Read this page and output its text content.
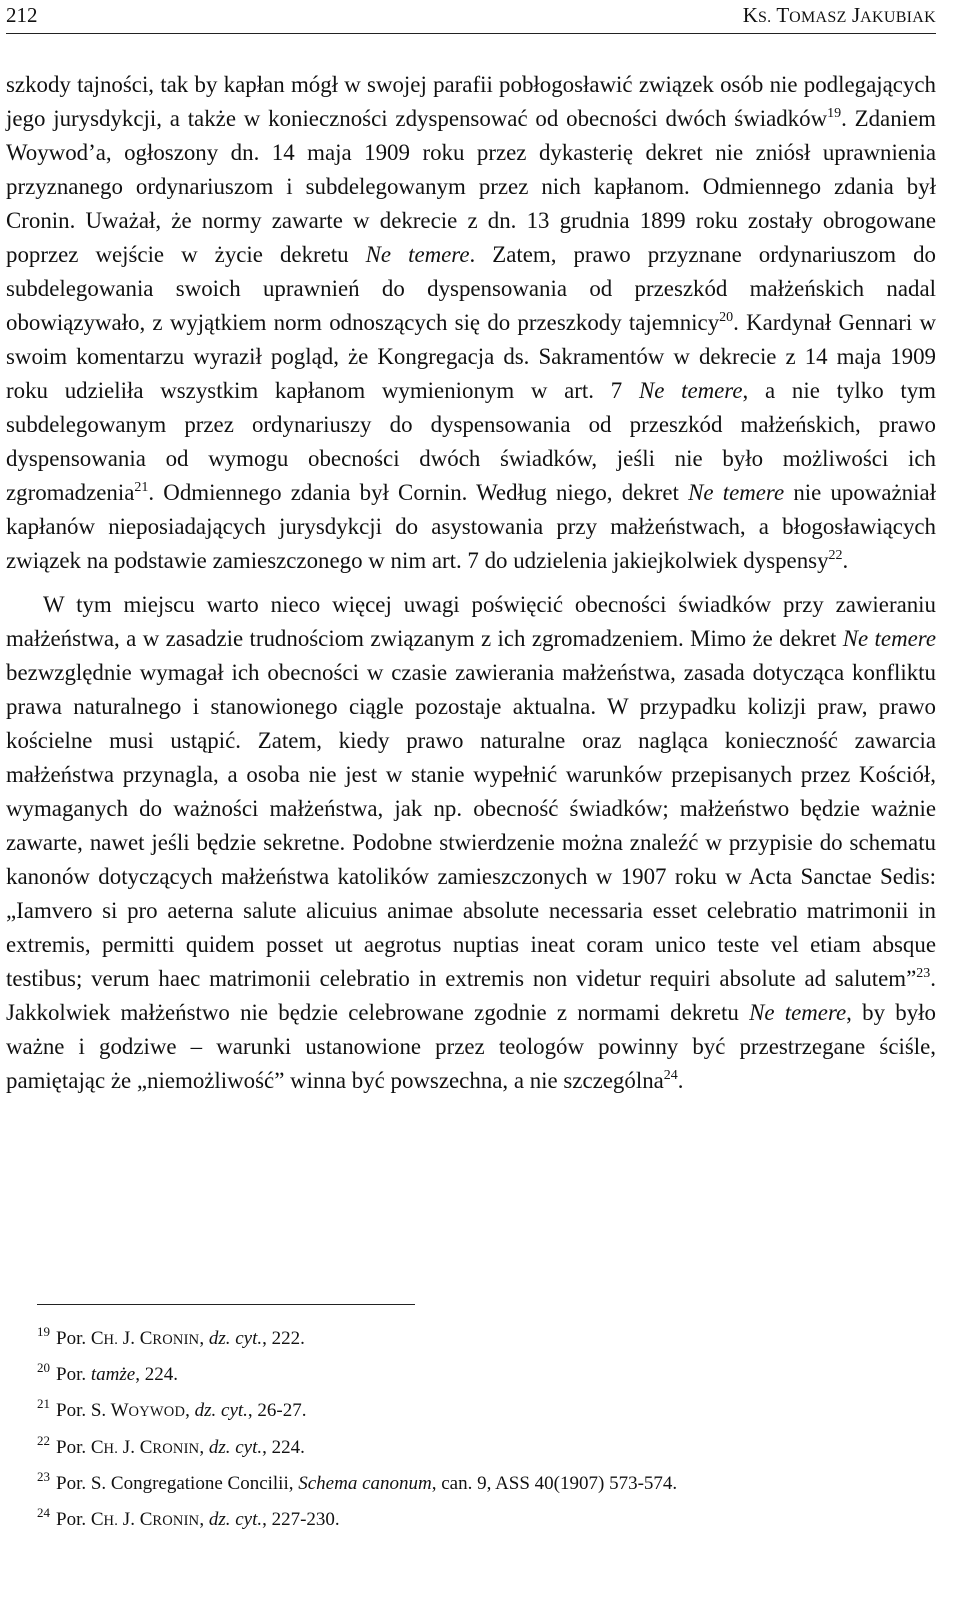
212	KS. TOMASZ JAKUBIAK

szkody tajności, tak by kapłan mógł w swojej parafii pobłogosławić związek osób nie podlegających jego jurysdykcji, a także w konieczności zdyspensować od obecności dwóch świadków$^{19}$. Zdaniem Woywod’a, ogłoszony dn. 14 maja 1909 roku przez dykasterię dekret nie zniósł uprawnienia przyznanego ordynariuszom i subdelegowanym przez nich kapłanom. Odmiennego zdania był Cronin. Uważał, że normy zawarte w dekrecie z dn. 13 grudnia 1899 roku zostały obrogowane poprzez wejście w życie dekretu Ne temere. Zatem, prawo przyznane ordynariuszom do subdelegowania swoich uprawnień do dyspensowania od przeszkód małżeńskich nadal obowiązywało, z wyjątkiem norm odnoszących się do przeszkody tajemnicy$^{20}$. Kardynał Gennari w swoim komentarzu wyraził pogląd, że Kongregacja ds. Sakramentów w dekrecie z 14 maja 1909 roku udzieliła wszystkim kapłanom wymienionym w art. 7 Ne temere, a nie tylko tym subdelegowanym przez ordynariuszy do dyspensowania od przeszkód małżeńskich, prawo dyspensowania od wymogu obecności dwóch świadków, jeśli nie było możliwości ich zgromadzenia$^{21}$. Odmiennego zdania był Cornin. Według niego, dekret Ne temere nie upoważniał kapłanów nieposiadających jurysdykcji do asystowania przy małżeństwach, a błogosławiących związek na podstawie zamieszczonego w nim art. 7 do udzielenia jakiejkolwiek dyspensy$^{22}$.

W tym miejscu warto nieco więcej uwagi poświęcić obecności świadków przy zawieraniu małżeństwa, a w zasadzie trudnościom związanym z ich zgromadzeniem. Mimo że dekret Ne temere bezwzględnie wymagał ich obecności w czasie zawierania małżeństwa, zasada dotycząca konfliktu prawa naturalnego i stanowionego ciągle pozostaje aktualna. W przypadku kolizji praw, prawo kościelne musi ustąpić. Zatem, kiedy prawo naturalne oraz nagląca konieczność zawarcia małżeństwa przynagla, a osoba nie jest w stanie wypełnić warunków przepisanych przez Kościół, wymaganych do ważności małżeństwa, jak np. obecność świadków; małżeństwo będzie ważnie zawarte, nawet jeśli będzie sekretne. Podobne stwierdzenie można znaleźć w przypisie do schematu kanonów dotyczących małżeństwa katolików zamieszczonych w 1907 roku w Acta Sanctae Sedis: „Iamvero si pro aeterna salute alicuius animae absolute necessaria esset celebratio matrimonii in extremis, permitti quidem posset ut aegrotus nuptias ineat coram unico teste vel etiam absque testibus; verum haec matrimonii celebratio in extremis non videtur requiri absolute ad salutem”$^{23}$. Jakkolwiek małżeństwo nie będzie celebrowane zgodnie z normami dekretu Ne temere, by było ważne i godziwe – warunki ustanowione przez teologów powinny być przestrzegane ściśle, pamiętając że „niemożliwość” winna być powszechna, a nie szczególna$^{24}$.

$^{19}$ Por. CH. J. CRONIN, dz. cyt., 222.
$^{20}$ Por. tamże, 224.
$^{21}$ Por. S. WOYWOD, dz. cyt., 26-27.
$^{22}$ Por. CH. J. CRONIN, dz. cyt., 224.
$^{23}$ Por. S. Congregatione Concilii, Schema canonum, can. 9, ASS 40(1907) 573-574.
$^{24}$ Por. CH. J. CRONIN, dz. cyt., 227-230.
